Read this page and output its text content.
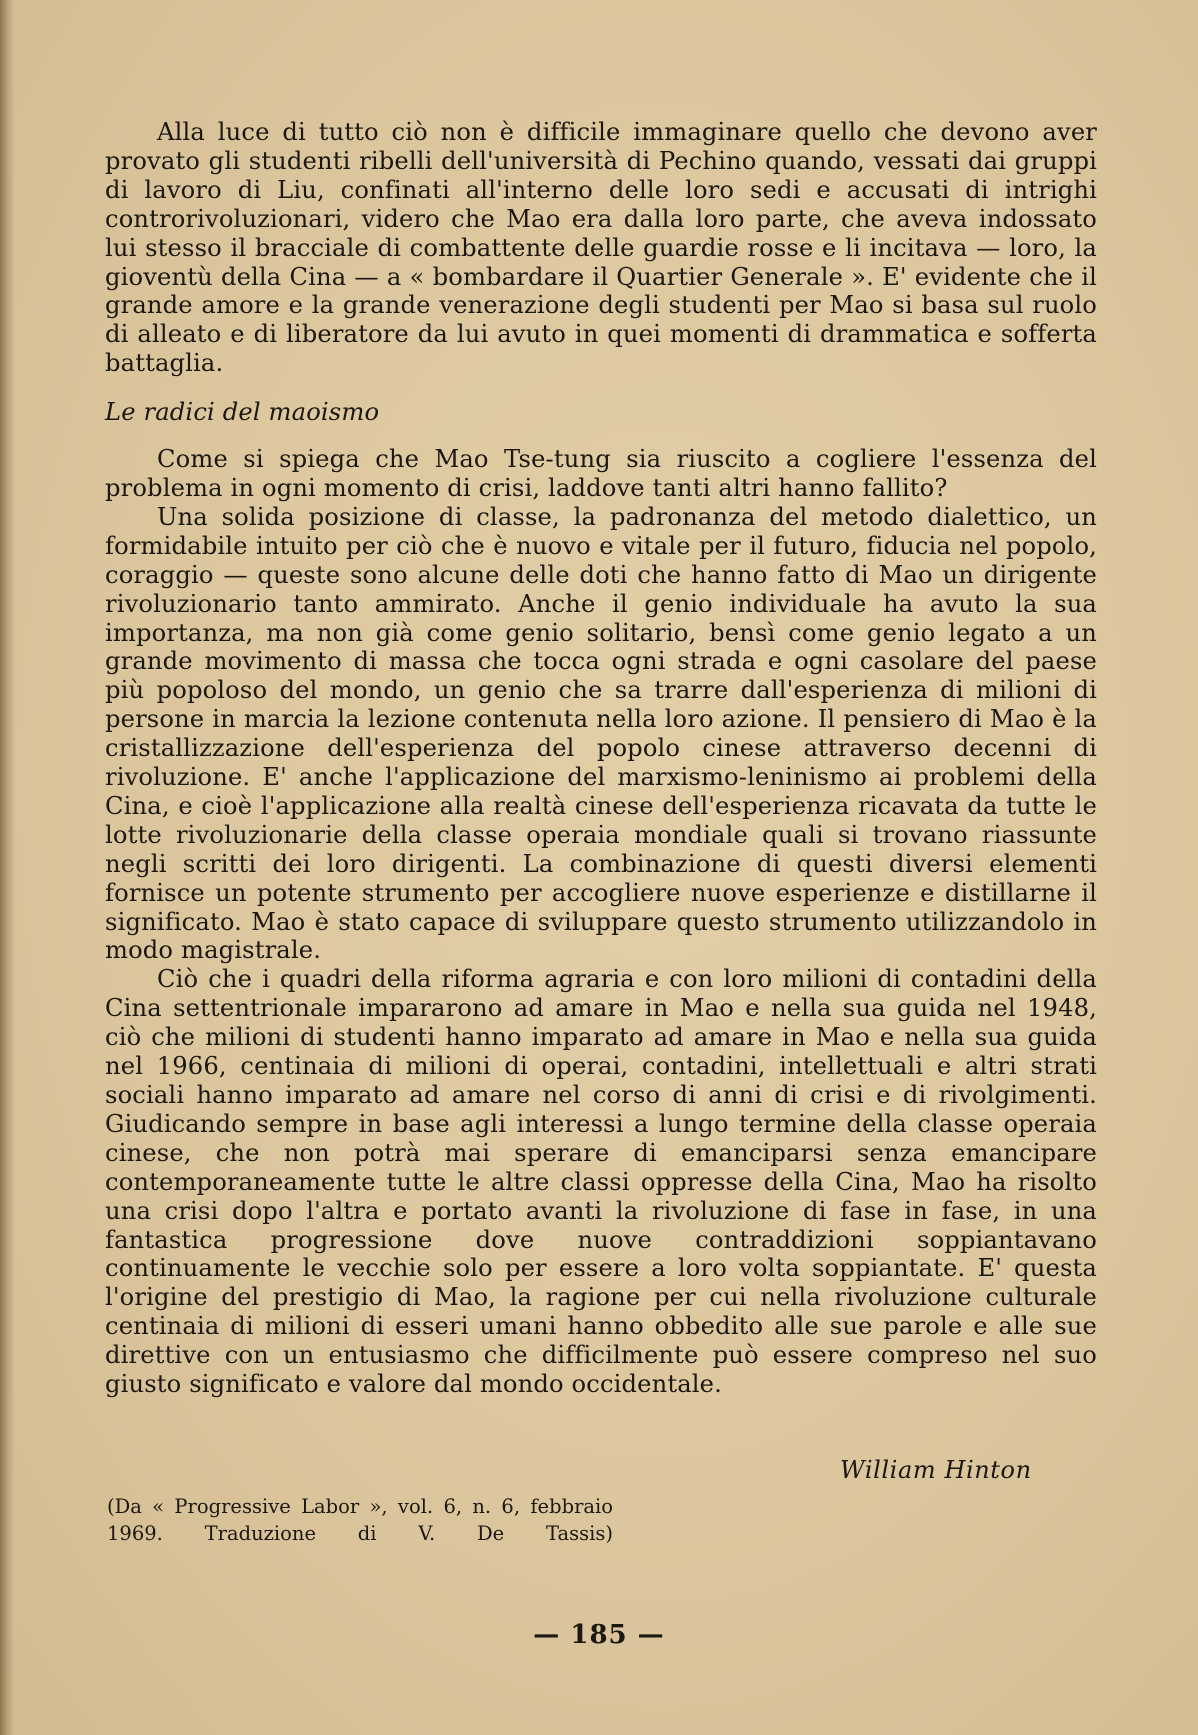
Alla luce di tutto ciò non è difficile immaginare quello che devono aver provato gli studenti ribelli dell'università di Pechino quando, vessati dai gruppi di lavoro di Liu, confinati all'interno delle loro sedi e accusati di intrighi controrivoluzionari, videro che Mao era dalla loro parte, che aveva indossato lui stesso il bracciale di combattente delle guardie rosse e li incitava — loro, la gioventù della Cina — a « bombardare il Quartier Generale ». E' evidente che il grande amore e la grande venerazione degli studenti per Mao si basa sul ruolo di alleato e di liberatore da lui avuto in quei momenti di drammatica e sofferta battaglia.

Le radici del maoismo

Come si spiega che Mao Tse-tung sia riuscito a cogliere l'essenza del problema in ogni momento di crisi, laddove tanti altri hanno fallito?

Una solida posizione di classe, la padronanza del metodo dialettico, un formidabile intuito per ciò che è nuovo e vitale per il futuro, fiducia nel popolo, coraggio — queste sono alcune delle doti che hanno fatto di Mao un dirigente rivoluzionario tanto ammirato. Anche il genio individuale ha avuto la sua importanza, ma non già come genio solitario, bensì come genio legato a un grande movimento di massa che tocca ogni strada e ogni casolare del paese più popoloso del mondo, un genio che sa trarre dall'esperienza di milioni di persone in marcia la lezione contenuta nella loro azione. Il pensiero di Mao è la cristallizzazione dell'esperienza del popolo cinese attraverso decenni di rivoluzione. E' anche l'applicazione del marxismo-leninismo ai problemi della Cina, e cioè l'applicazione alla realtà cinese dell'esperienza ricavata da tutte le lotte rivoluzionarie della classe operaia mondiale quali si trovano riassunte negli scritti dei loro dirigenti. La combinazione di questi diversi elementi fornisce un potente strumento per accogliere nuove esperienze e distillarne il significato. Mao è stato capace di sviluppare questo strumento utilizzandolo in modo magistrale.

Ciò che i quadri della riforma agraria e con loro milioni di contadini della Cina settentrionale impararono ad amare in Mao e nella sua guida nel 1948, ciò che milioni di studenti hanno imparato ad amare in Mao e nella sua guida nel 1966, centinaia di milioni di operai, contadini, intellettuali e altri strati sociali hanno imparato ad amare nel corso di anni di crisi e di rivolgimenti. Giudicando sempre in base agli interessi a lungo termine della classe operaia cinese, che non potrà mai sperare di emanciparsi senza emancipare contemporaneamente tutte le altre classi oppresse della Cina, Mao ha risolto una crisi dopo l'altra e portato avanti la rivoluzione di fase in fase, in una fantastica progressione dove nuove contraddizioni soppiantavano continuamente le vecchie solo per essere a loro volta soppiantate. E' questa l'origine del prestigio di Mao, la ragione per cui nella rivoluzione culturale centinaia di milioni di esseri umani hanno obbedito alle sue parole e alle sue direttive con un entusiasmo che difficilmente può essere compreso nel suo giusto significato e valore dal mondo occidentale.

William Hinton

(Da « Progressive Labor », vol. 6, n. 6, febbraio 1969. Traduzione di V. De Tassis)

— 185 —
